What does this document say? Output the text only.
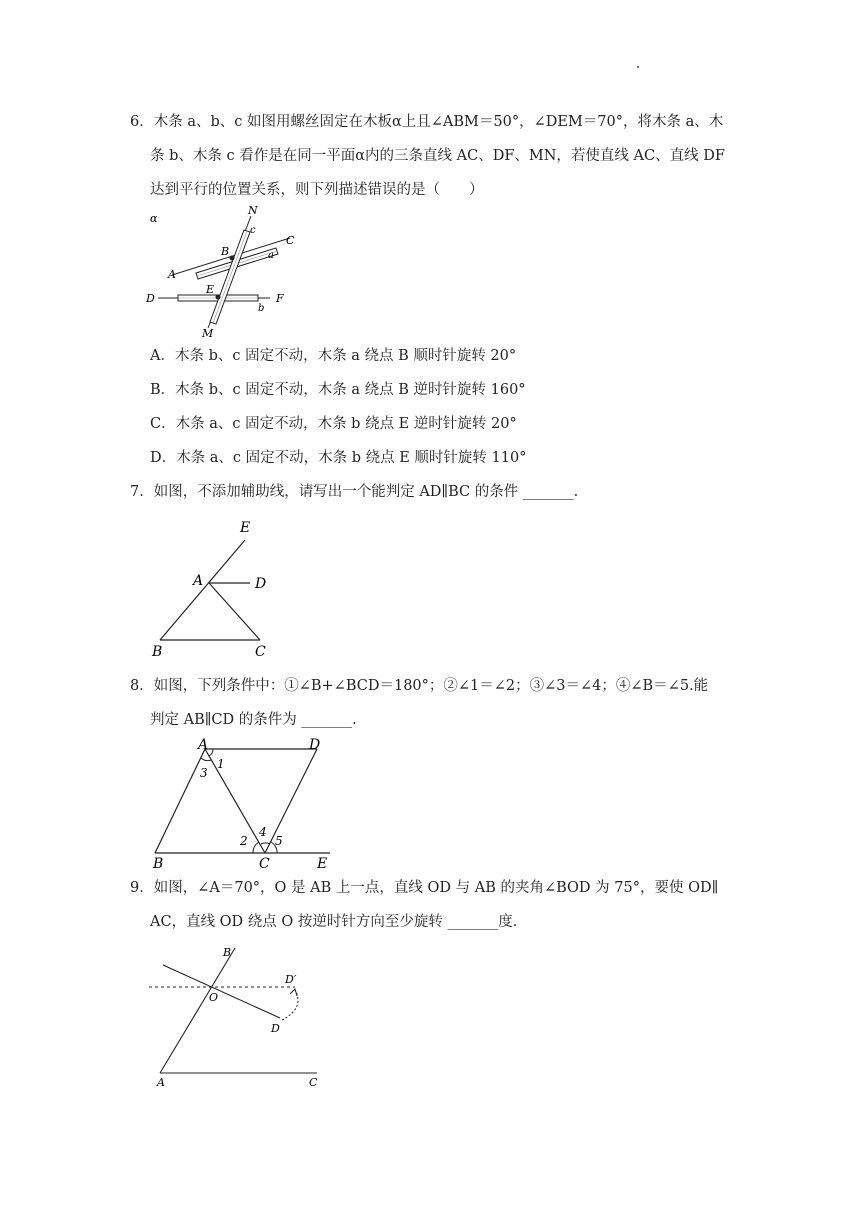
6．木条 a、b、c 如图用螺丝固定在木板α上且∠ABM＝50°，∠DEM＝70°，将木条 a、木
条 b、木条 c 看作是在同一平面α内的三条直线 AC、DF、MN，若使直线 AC、直线 DF
达到平行的位置关系，则下列描述错误的是（　　）
α
N
c
C
B	a
A
E
D	F
b
M
A．木条 b、c 固定不动，木条 a 绕点 B 顺时针旋转 20°
B．木条 b、c 固定不动，木条 a 绕点 B 逆时针旋转 160°
C．木条 a、c 固定不动，木条 b 绕点 E 逆时针旋转 20°
D．木条 a、c 固定不动，木条 b 绕点 E 顺时针旋转 110°
7．如图，不添加辅助线，请写出一个能判定 AD∥BC 的条件 _______.
E
A	D
B	C
8．如图，下列条件中：①∠B+∠BCD＝180°；②∠1＝∠2；③∠3＝∠4；④∠B＝∠5.能
判定 AB∥CD 的条件为 _______.
A	D
1
3
2
4
5
B	C	E
9．如图，∠A＝70°，O 是 AB 上一点，直线 OD 与 AB 的夹角∠BOD 为 75°，要使 OD∥
AC，直线 OD 绕点 O 按逆时针方向至少旋转 _______度.
B
D′
O
D
A	C
